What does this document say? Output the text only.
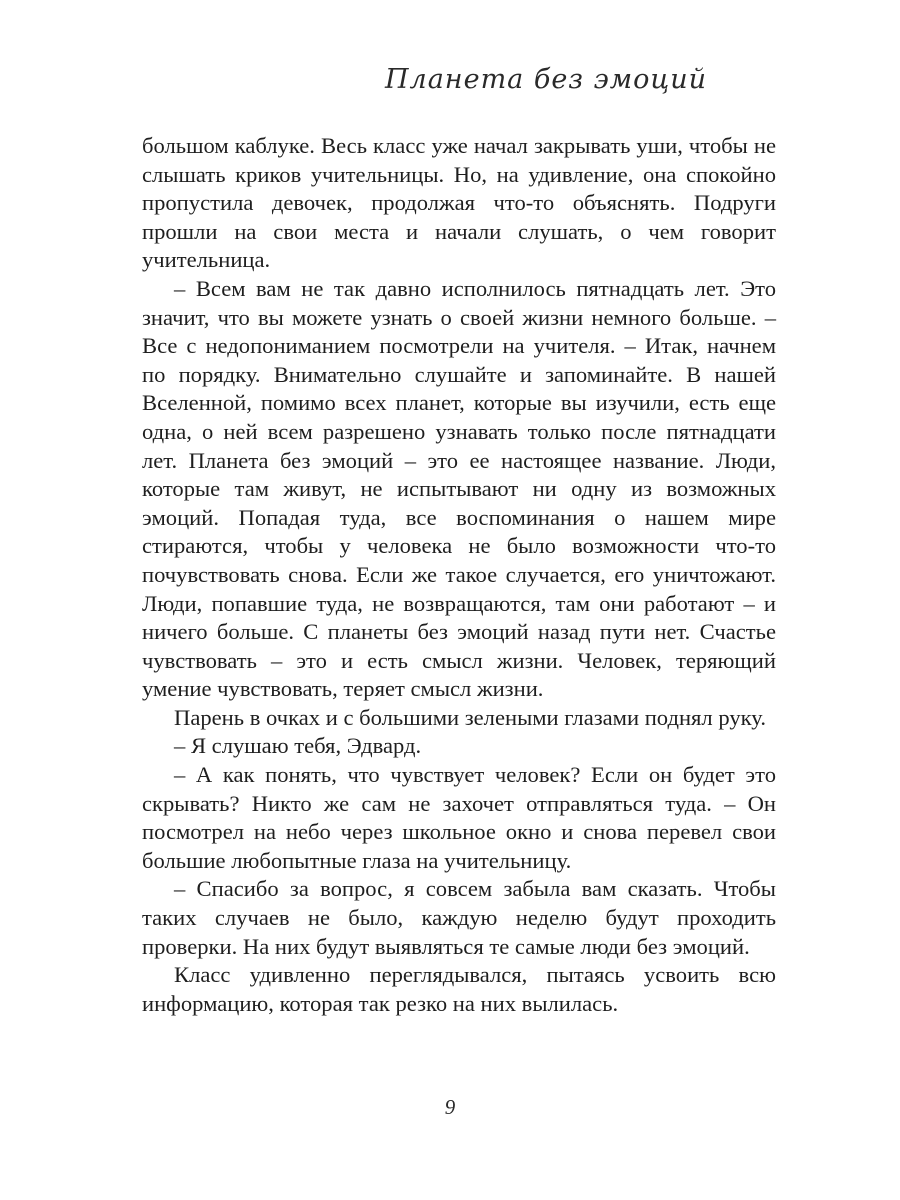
Планета без эмоций

большом каблуке. Весь класс уже начал закрывать уши, чтобы не слышать криков учительницы. Но, на удивление, она спокойно пропустила девочек, продолжая что-то объяснять. Подруги прошли на свои места и начали слушать, о чем говорит учительница.

– Всем вам не так давно исполнилось пятнадцать лет. Это значит, что вы можете узнать о своей жизни немного больше. – Все с недопониманием посмотрели на учителя. – Итак, начнем по порядку. Внимательно слушайте и запоминайте. В нашей Вселенной, помимо всех планет, которые вы изучили, есть еще одна, о ней всем разрешено узнавать только после пятнадцати лет. Планета без эмоций – это ее настоящее название. Люди, которые там живут, не испытывают ни одну из возможных эмоций. Попадая туда, все воспоминания о нашем мире стираются, чтобы у человека не было возможности что-то почувствовать снова. Если же такое случается, его уничтожают. Люди, попавшие туда, не возвращаются, там они работают – и ничего больше. С планеты без эмоций назад пути нет. Счастье чувствовать – это и есть смысл жизни. Человек, теряющий умение чувствовать, теряет смысл жизни.

Парень в очках и с большими зелеными глазами поднял руку.

– Я слушаю тебя, Эдвард.

– А как понять, что чувствует человек? Если он будет это скрывать? Никто же сам не захочет отправляться туда. – Он посмотрел на небо через школьное окно и снова перевел свои большие любопытные глаза на учительницу.

– Спасибо за вопрос, я совсем забыла вам сказать. Чтобы таких случаев не было, каждую неделю будут проходить проверки. На них будут выявляться те самые люди без эмоций.

Класс удивленно переглядывался, пытаясь усвоить всю информацию, которая так резко на них вылилась.

9
